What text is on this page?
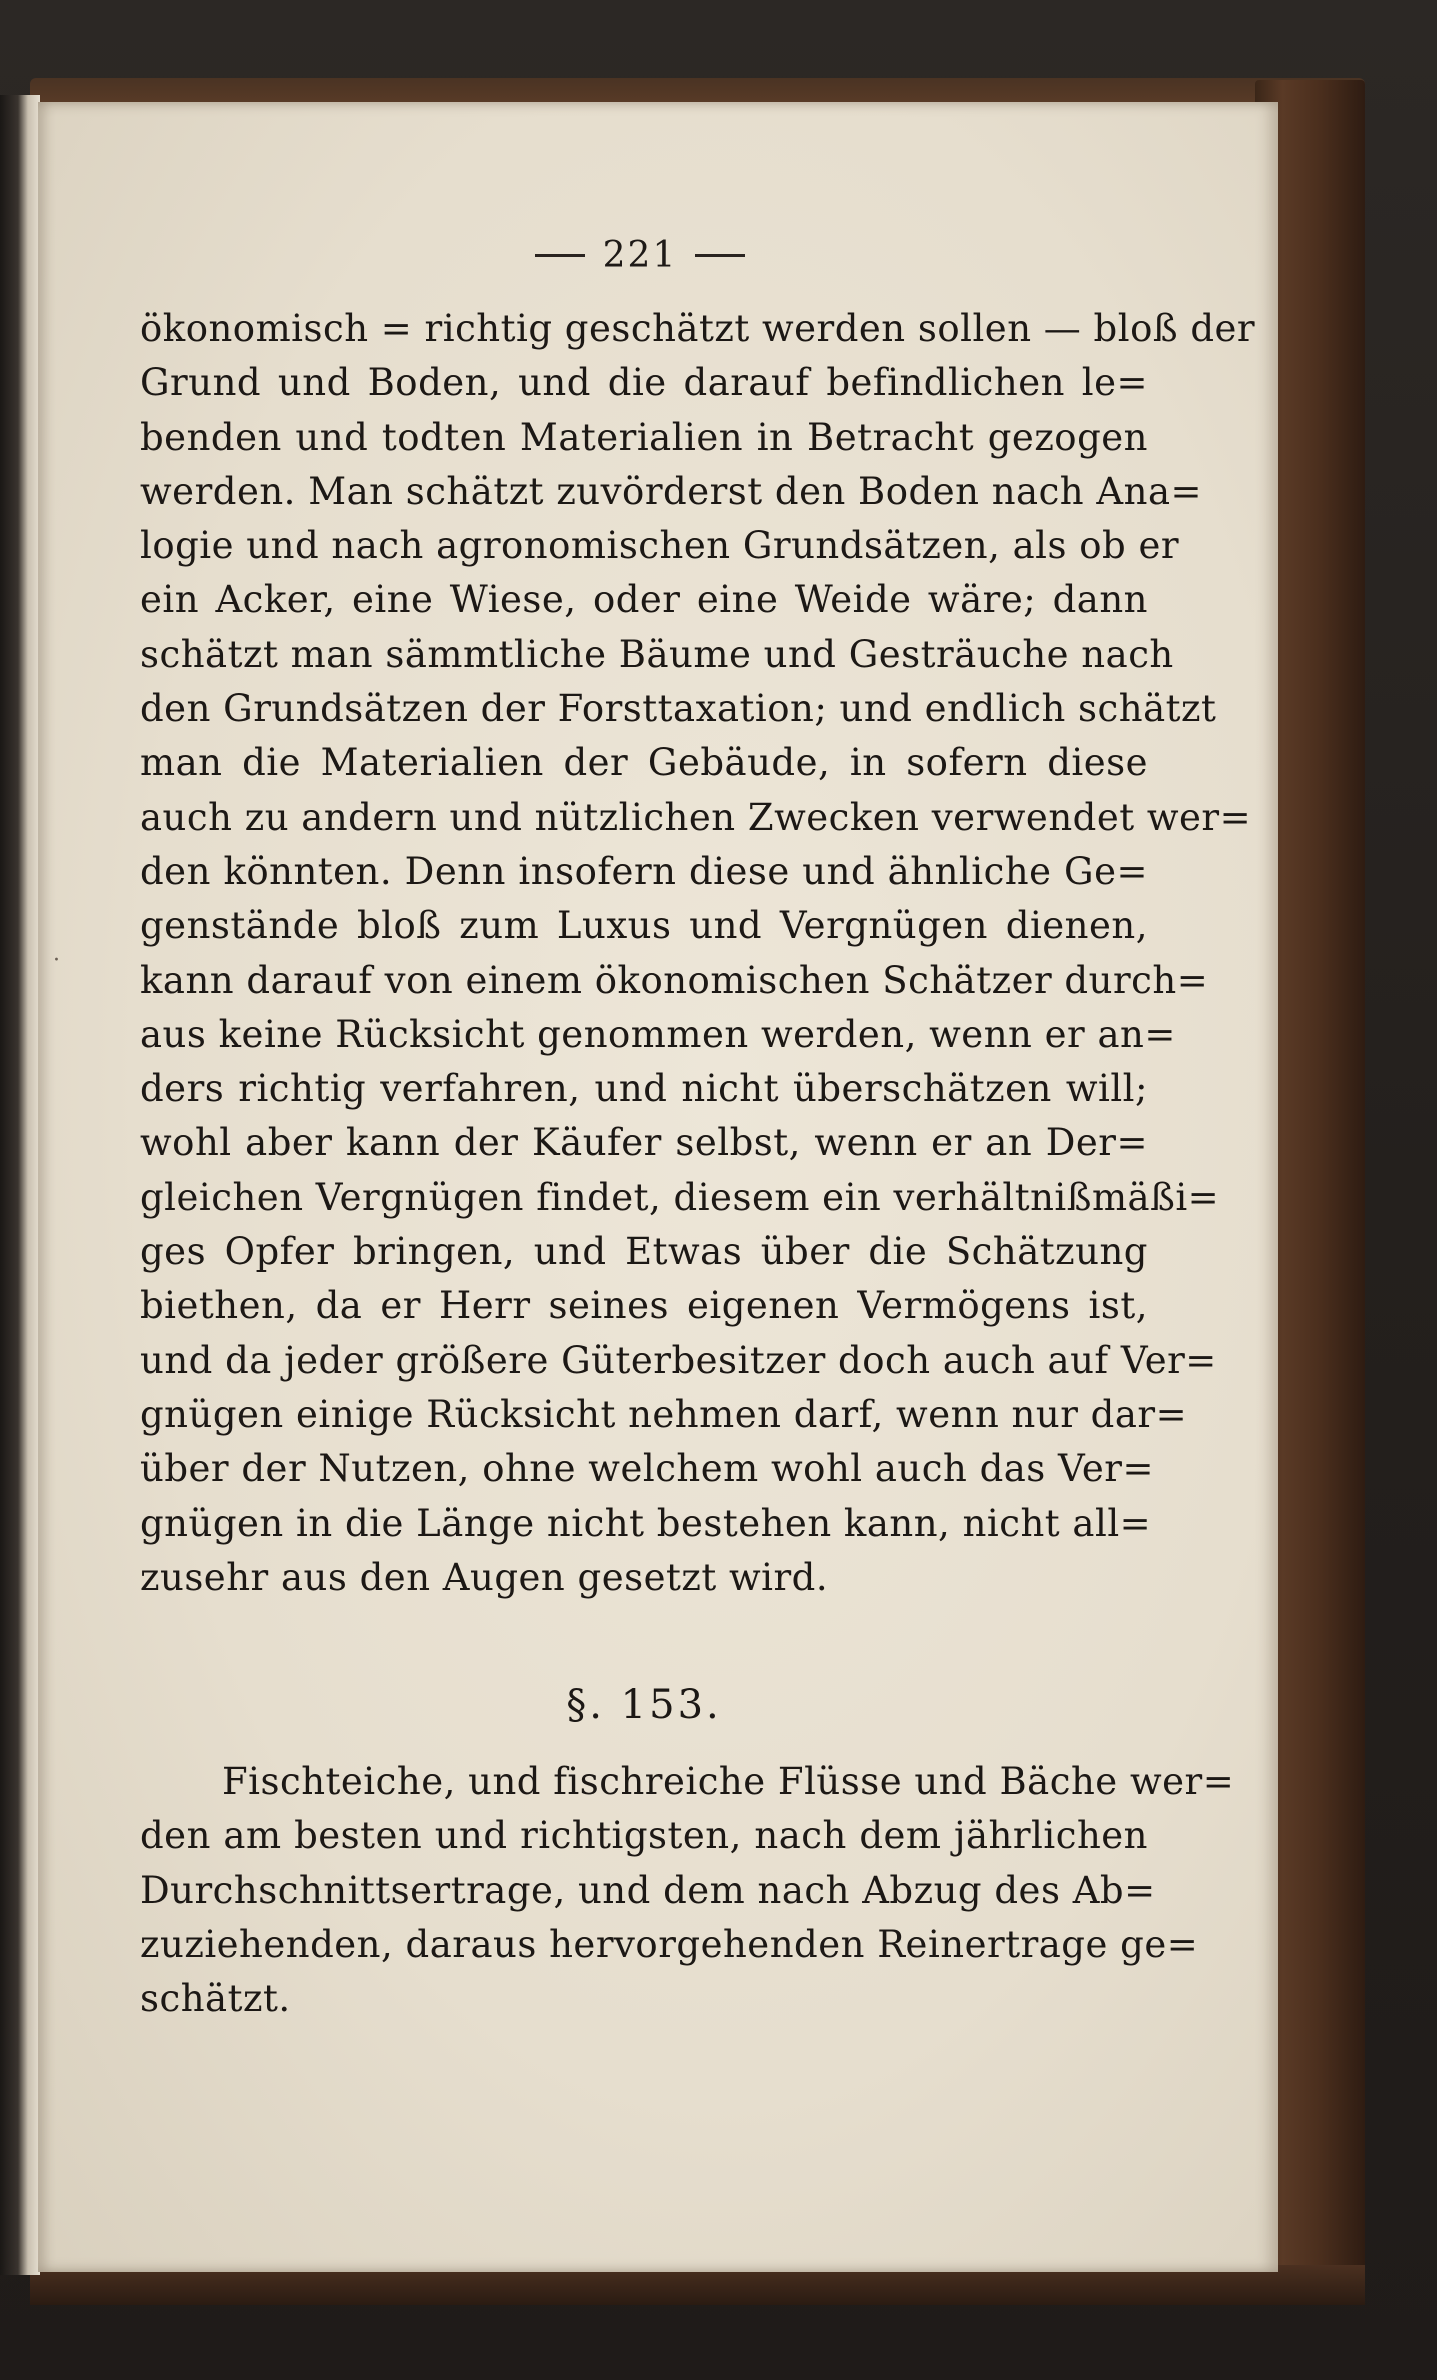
221
·
ökonomisch = richtig geschätzt werden sollen — bloß der
Grund und Boden, und die darauf befindlichen le=
benden und todten Materialien in Betracht gezogen
werden. Man schätzt zuvörderst den Boden nach Ana=
logie und nach agronomischen Grundsätzen, als ob er
ein Acker, eine Wiese, oder eine Weide wäre; dann
schätzt man sämmtliche Bäume und Gesträuche nach
den Grundsätzen der Forsttaxation; und endlich schätzt
man die Materialien der Gebäude, in sofern diese
auch zu andern und nützlichen Zwecken verwendet wer=
den könnten. Denn insofern diese und ähnliche Ge=
genstände bloß zum Luxus und Vergnügen dienen,
kann darauf von einem ökonomischen Schätzer durch=
aus keine Rücksicht genommen werden, wenn er an=
ders richtig verfahren, und nicht überschätzen will;
wohl aber kann der Käufer selbst, wenn er an Der=
gleichen Vergnügen findet, diesem ein verhältnißmäßi=
ges Opfer bringen, und Etwas über die Schätzung
biethen, da er Herr seines eigenen Vermögens ist,
und da jeder größere Güterbesitzer doch auch auf Ver=
gnügen einige Rücksicht nehmen darf, wenn nur dar=
über der Nutzen, ohne welchem wohl auch das Ver=
gnügen in die Länge nicht bestehen kann, nicht all=
zusehr aus den Augen gesetzt wird.
§. 153.
Fischteiche, und fischreiche Flüsse und Bäche wer=
den am besten und richtigsten, nach dem jährlichen
Durchschnittsertrage, und dem nach Abzug des Ab=
zuziehenden, daraus hervorgehenden Reinertrage ge=
schätzt.
